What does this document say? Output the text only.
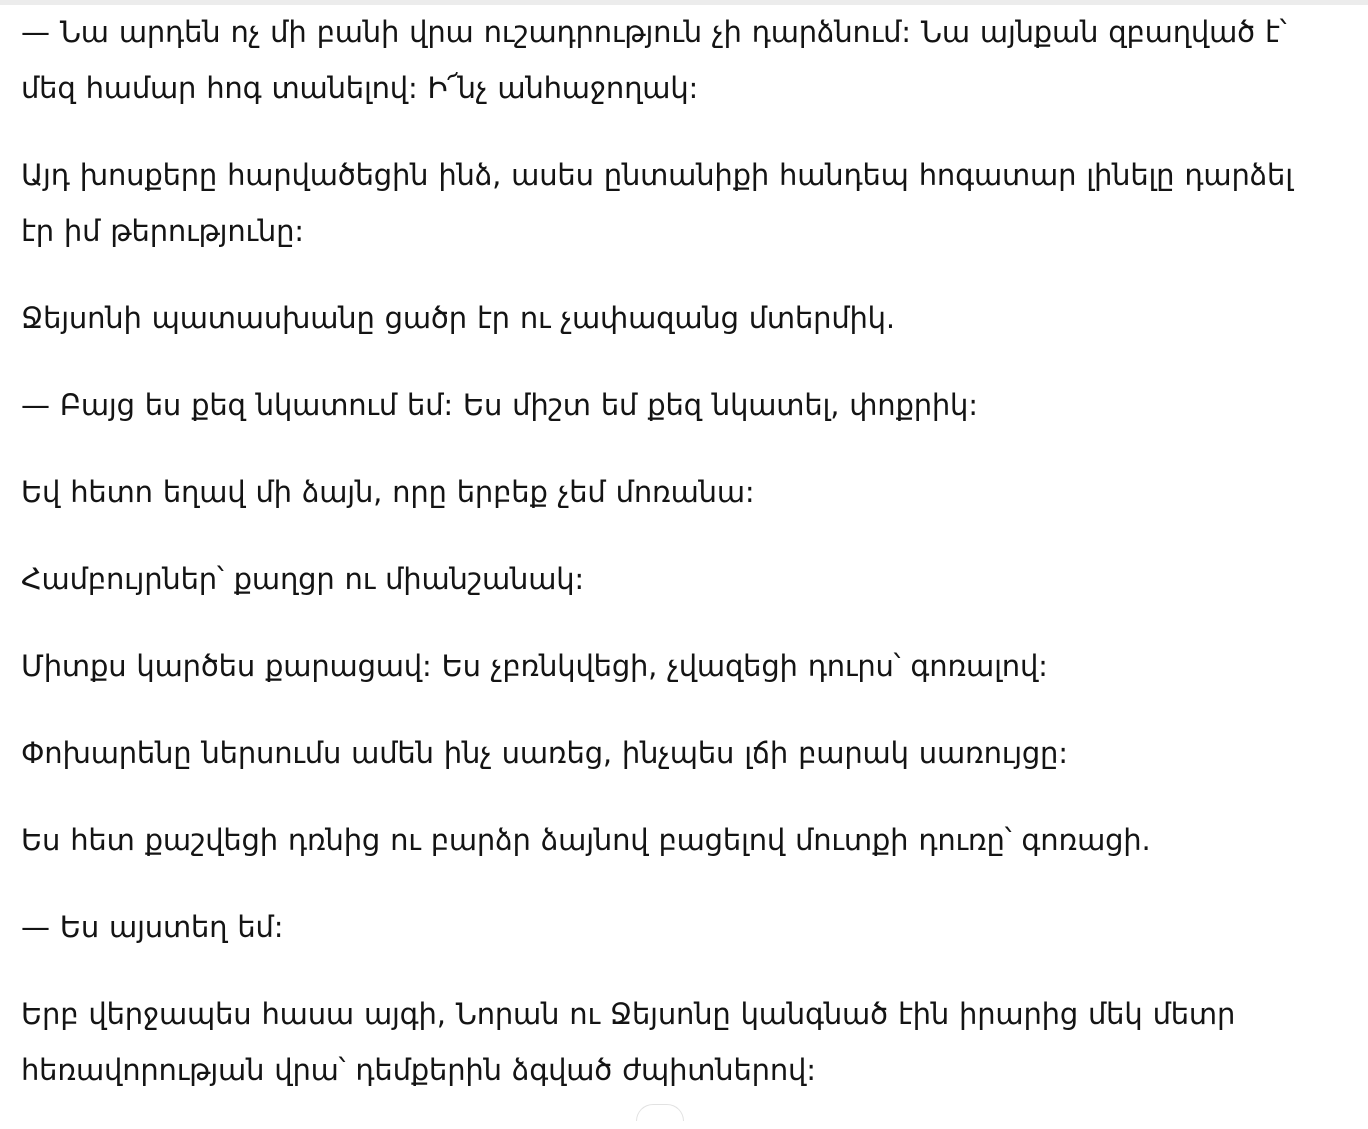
— Նա արդեն ոչ մի բանի վրա ուշադրություն չի դարձնում: Նա այնքան զբաղված է՝ մեզ համար հոգ տանելով: Ի՜նչ անհաջողակ:

Այդ խոսքերը հարվածեցին ինձ, ասես ընտանիքի հանդեպ հոգատար լինելը դարձել էր իմ թերությունը:

Ջեյսոնի պատասխանը ցածր էր ու չափազանց մտերմիկ.

— Բայց ես քեզ նկատում եմ: Ես միշտ եմ քեզ նկատել, փոքրիկ:

Եվ հետո եղավ մի ձայն, որը երբեք չեմ մոռանա:

Համբույրներ՝ քաղցր ու միանշանակ:

Միտքս կարծես քարացավ: Ես չբռնկվեցի, չվազեցի դուրս՝ գոռալով:

Փոխարենը ներսումս ամեն ինչ սառեց, ինչպես լճի բարակ սառույցը:

Ես հետ քաշվեցի դռնից ու բարձր ձայնով բացելով մուտքի դուռը՝ գոռացի.

— Ես այստեղ եմ:

Երբ վերջապես հասա այգի, Նորան ու Ջեյսոնը կանգնած էին իրարից մեկ մետր հեռավորության վրա՝ դեմքերին ձգված ժպիտներով:
